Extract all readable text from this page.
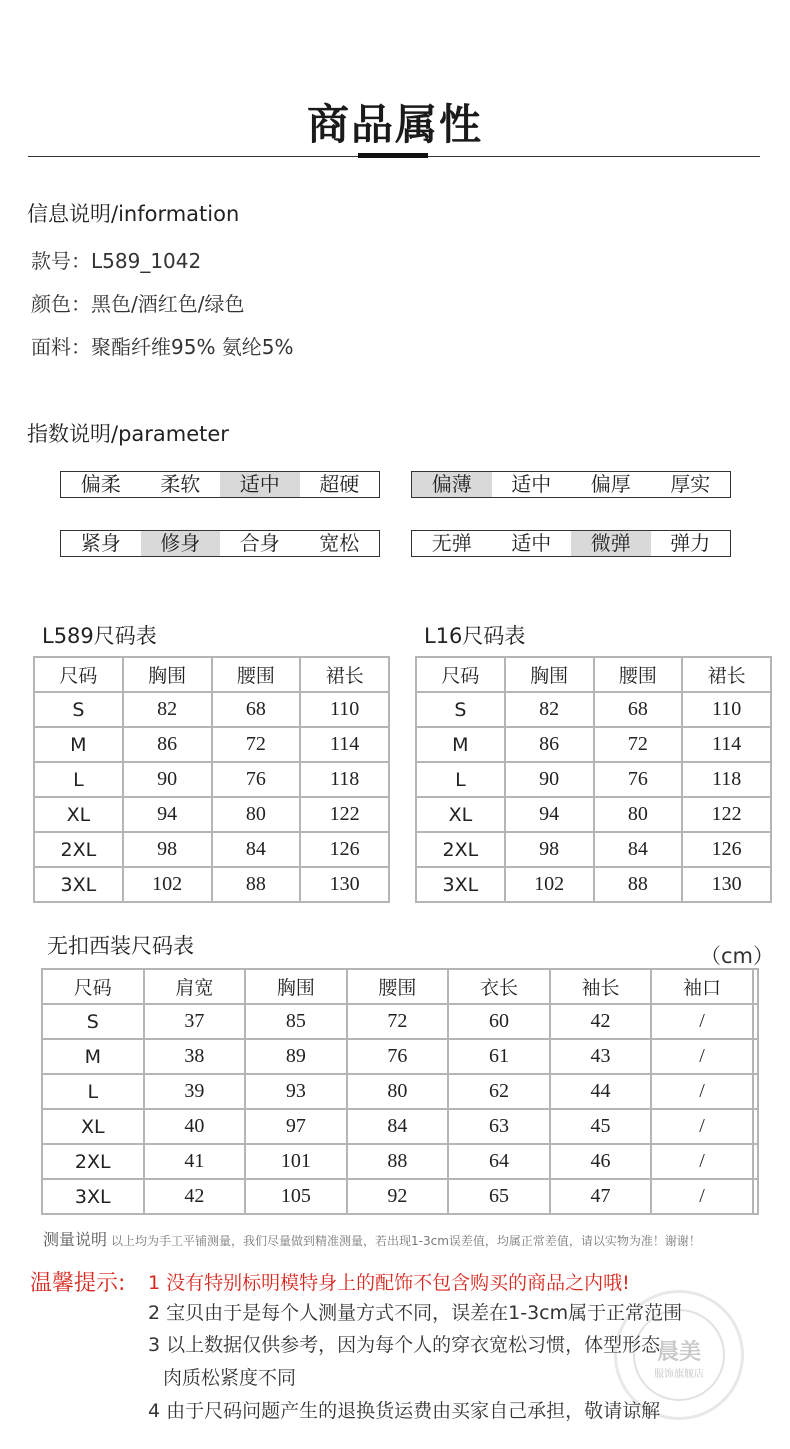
商品属性
信息说明/information
款号：L589_1042
颜色：黑色/酒红色/绿色
面料：聚酯纤维95% 氨纶5%
指数说明/parameter
偏柔	柔软	适中	超硬	偏薄	适中	偏厚	厚实
紧身	修身	合身	宽松	无弹	适中	微弹	弹力
L589尺码表
尺码	胸围	腰围	裙长
S	82	68	110
M	86	72	114
L	90	76	118
XL	94	80	122
2XL	98	84	126
3XL	102	88	130
L16尺码表
尺码	胸围	腰围	裙长
S	82	68	110
M	86	72	114
L	90	76	118
XL	94	80	122
2XL	98	84	126
3XL	102	88	130
无扣西装尺码表	（cm）
尺码	肩宽	胸围	腰围	衣长	袖长	袖口	
S	37	85	72	60	42	/	
M	38	89	76	61	43	/	
L	39	93	80	62	44	/	
XL	40	97	84	63	45	/	
2XL	41	101	88	64	46	/	
3XL	42	105	92	65	47	/	
测量说明 以上均为手工平铺测量，我们尽量做到精准测量，若出现1-3cm误差值，均属正常差值，请以实物为准！谢谢！
晨美
服饰旗舰店
温馨提示: 1 没有特别标明模特身上的配饰不包含购买的商品之内哦!
2 宝贝由于是每个人测量方式不同，误差在1-3cm属于正常范围
3 以上数据仅供参考，因为每个人的穿衣宽松习惯，体型形态
肉质松紧度不同
4 由于尺码问题产生的退换货运费由买家自己承担，敬请谅解
